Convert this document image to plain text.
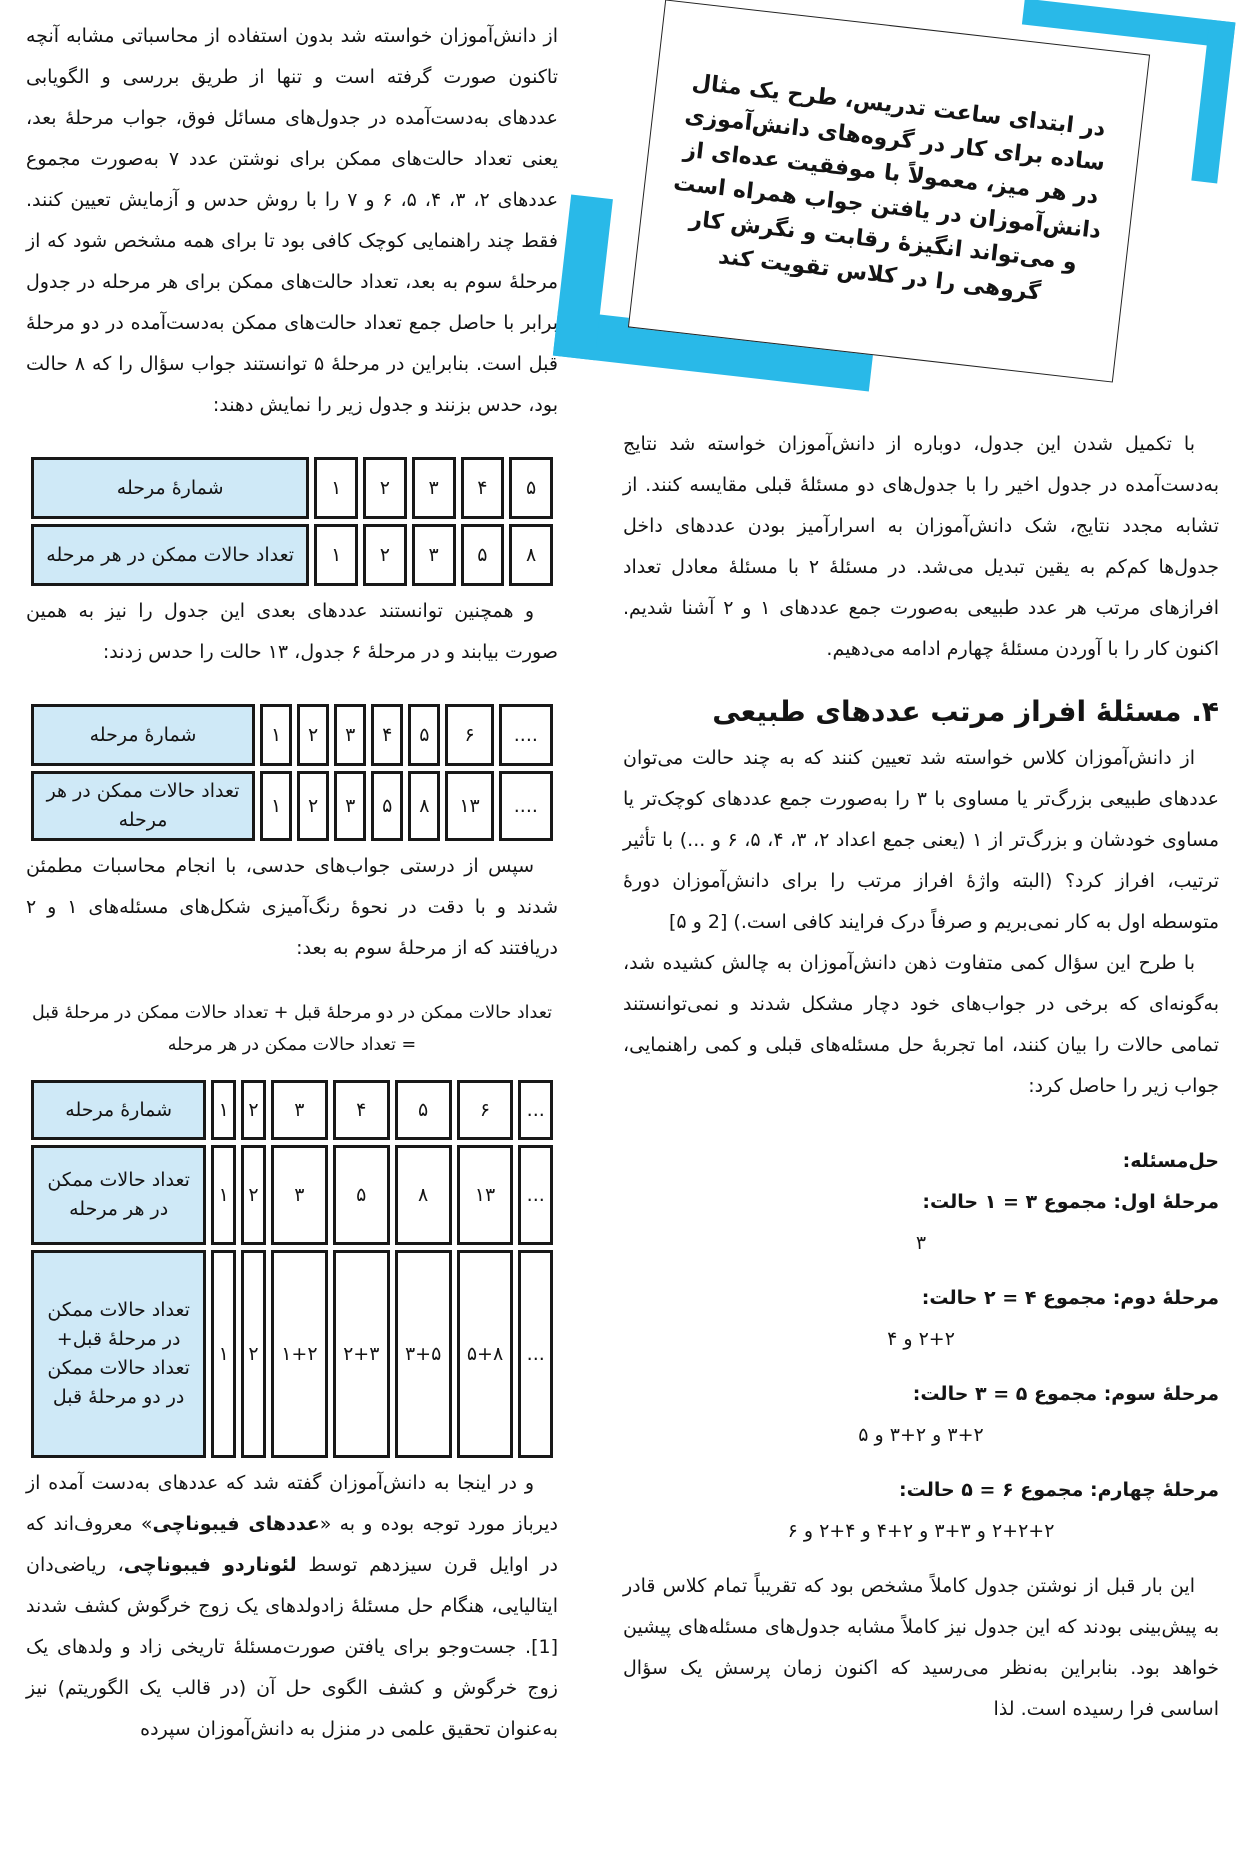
از دانش‌آموزان خواسته شد بدون استفاده از محاسباتی مشابه آنچه تاکنون صورت گرفته است و تنها از طریق بررسی و الگویابی عددهای به‌دست‌آمده در جدول‌های مسائل فوق، جواب مرحلهٔ بعد، یعنی تعداد حالت‌های ممکن برای نوشتن عدد ۷ به‌صورت مجموع عددهای ۲، ۳، ۴، ۵، ۶ و ۷ را با روش حدس و آزمایش تعیین کنند. فقط چند راهنمایی کوچک کافی بود تا برای همه مشخص شود که از مرحلهٔ سوم به بعد، تعداد حالت‌های ممکن برای هر مرحله در جدول برابر با حاصل جمع تعداد حالت‌های ممکن به‌دست‌آمده در دو مرحلهٔ قبل است. بنابراین در مرحلهٔ ۵ توانستند جواب سؤال را که ۸ حالت بود، حدس بزنند و جدول زیر را نمایش دهند:

شمارهٔ مرحله	۱	۲	۳	۴	۵
تعداد حالات ممکن در هر مرحله	۱	۲	۳	۵	۸

و همچنین توانستند عددهای بعدی این جدول را نیز به همین صورت بیابند و در مرحلهٔ ۶ جدول، ۱۳ حالت را حدس زدند:

شمارهٔ مرحله	۱	۲	۳	۴	۵	۶	....
تعداد حالات ممکن در هر مرحله	۱	۲	۳	۵	۸	۱۳	....

سپس از درستی جواب‌های حدسی، با انجام محاسبات مطمئن شدند و با دقت در نحوهٔ رنگ‌آمیزی شکل‌های مسئله‌های ۱ و ۲ دریافتند که از مرحلهٔ سوم به بعد:

تعداد حالات ممکن در دو مرحلهٔ قبل + تعداد حالات ممکن در مرحلهٔ قبل = تعداد حالات ممکن در هر مرحله

شمارهٔ مرحله	۱	۲	۳	۴	۵	۶	...
تعداد حالات ممکن در هر مرحله	۱	۲	۳	۵	۸	۱۳	...
تعداد حالات ممکن در مرحلهٔ قبل+ تعداد حالات ممکن در دو مرحلهٔ قبل	۱	۲	۱+۲	۲+۳	۳+۵	۵+۸	...

و در اینجا به دانش‌آموزان گفته شد که عددهای به‌دست آمده از دیرباز مورد توجه بوده و به «عددهای فیبوناچی» معروف‌اند که در اوایل قرن سیزدهم توسط لئوناردو فیبوناچی، ریاضی‌دان ایتالیایی، هنگام حل مسئلهٔ زادولدهای یک زوج خرگوش کشف شدند [1]. جست‌وجو برای یافتن صورت‌مسئلهٔ تاریخی زاد و ولدهای یک زوج خرگوش و کشف الگوی حل آن (در قالب یک الگوریتم) نیز به‌عنوان تحقیق علمی در منزل به دانش‌آموزان سپرده

در ابتدای ساعت تدریس، طرح یک مثال ساده برای کار در گروه‌های دانش‌آموزی در هر میز، معمولاً با موفقیت عده‌ای از دانش‌آموزان در یافتن جواب همراه است و می‌تواند انگیزهٔ رقابت و نگرش کار گروهی را در کلاس تقویت کند

با تکمیل شدن این جدول، دوباره از دانش‌آموزان خواسته شد نتایج به‌دست‌آمده در جدول اخیر را با جدول‌های دو مسئلهٔ قبلی مقایسه کنند. از تشابه مجدد نتایج، شک دانش‌آموزان به اسرارآمیز بودن عددهای داخل جدول‌ها کم‌کم به یقین تبدیل می‌شد. در مسئلهٔ ۲ با مسئلهٔ معادل تعداد افرازهای مرتب هر عدد طبیعی به‌صورت جمع عددهای ۱ و ۲ آشنا شدیم. اکنون کار را با آوردن مسئلهٔ چهارم ادامه می‌دهیم.

۴. مسئلهٔ افراز مرتب عددهای طبیعی

از دانش‌آموزان کلاس خواسته شد تعیین کنند که به چند حالت می‌توان عددهای طبیعی بزرگ‌تر یا مساوی با ۳ را به‌صورت جمع عددهای کوچک‌تر یا مساوی خودشان و بزرگ‌تر از ۱ (یعنی جمع اعداد ۲، ۳، ۴، ۵، ۶ و ...) با تأثیر ترتیب، افراز کرد؟ (البته واژهٔ افراز مرتب را برای دانش‌آموزان دورهٔ متوسطه اول به کار نمی‌بریم و صرفاً درک فرایند کافی است.) [2 و ۵]

با طرح این سؤال کمی متفاوت ذهن دانش‌آموزان به چالش کشیده شد، به‌گونه‌ای که برخی در جواب‌های خود دچار مشکل شدند و نمی‌توانستند تمامی حالات را بیان کنند، اما تجربهٔ حل مسئله‌های قبلی و کمی راهنمایی، جواب زیر را حاصل کرد:

حل‌مسئله:

مرحلهٔ اول: مجموع ۳ = ۱ حالت:

۳

مرحلهٔ دوم: مجموع ۴ = ۲ حالت:

۲+۲ و ۴

مرحلهٔ سوم: مجموع ۵ = ۳ حالت:

۳+۲ و ۲+۳ و ۵

مرحلهٔ چهارم: مجموع ۶ = ۵ حالت:

۲+۲+۲ و ۳+۳ و ۲+۴ و ۴+۲ و ۶

این بار قبل از نوشتن جدول کاملاً مشخص بود که تقریباً تمام کلاس قادر به پیش‌بینی بودند که این جدول نیز کاملاً مشابه جدول‌های مسئله‌های پیشین خواهد بود. بنابراین به‌نظر می‌رسید که اکنون زمان پرسش یک سؤال اساسی فرا رسیده است. لذا
